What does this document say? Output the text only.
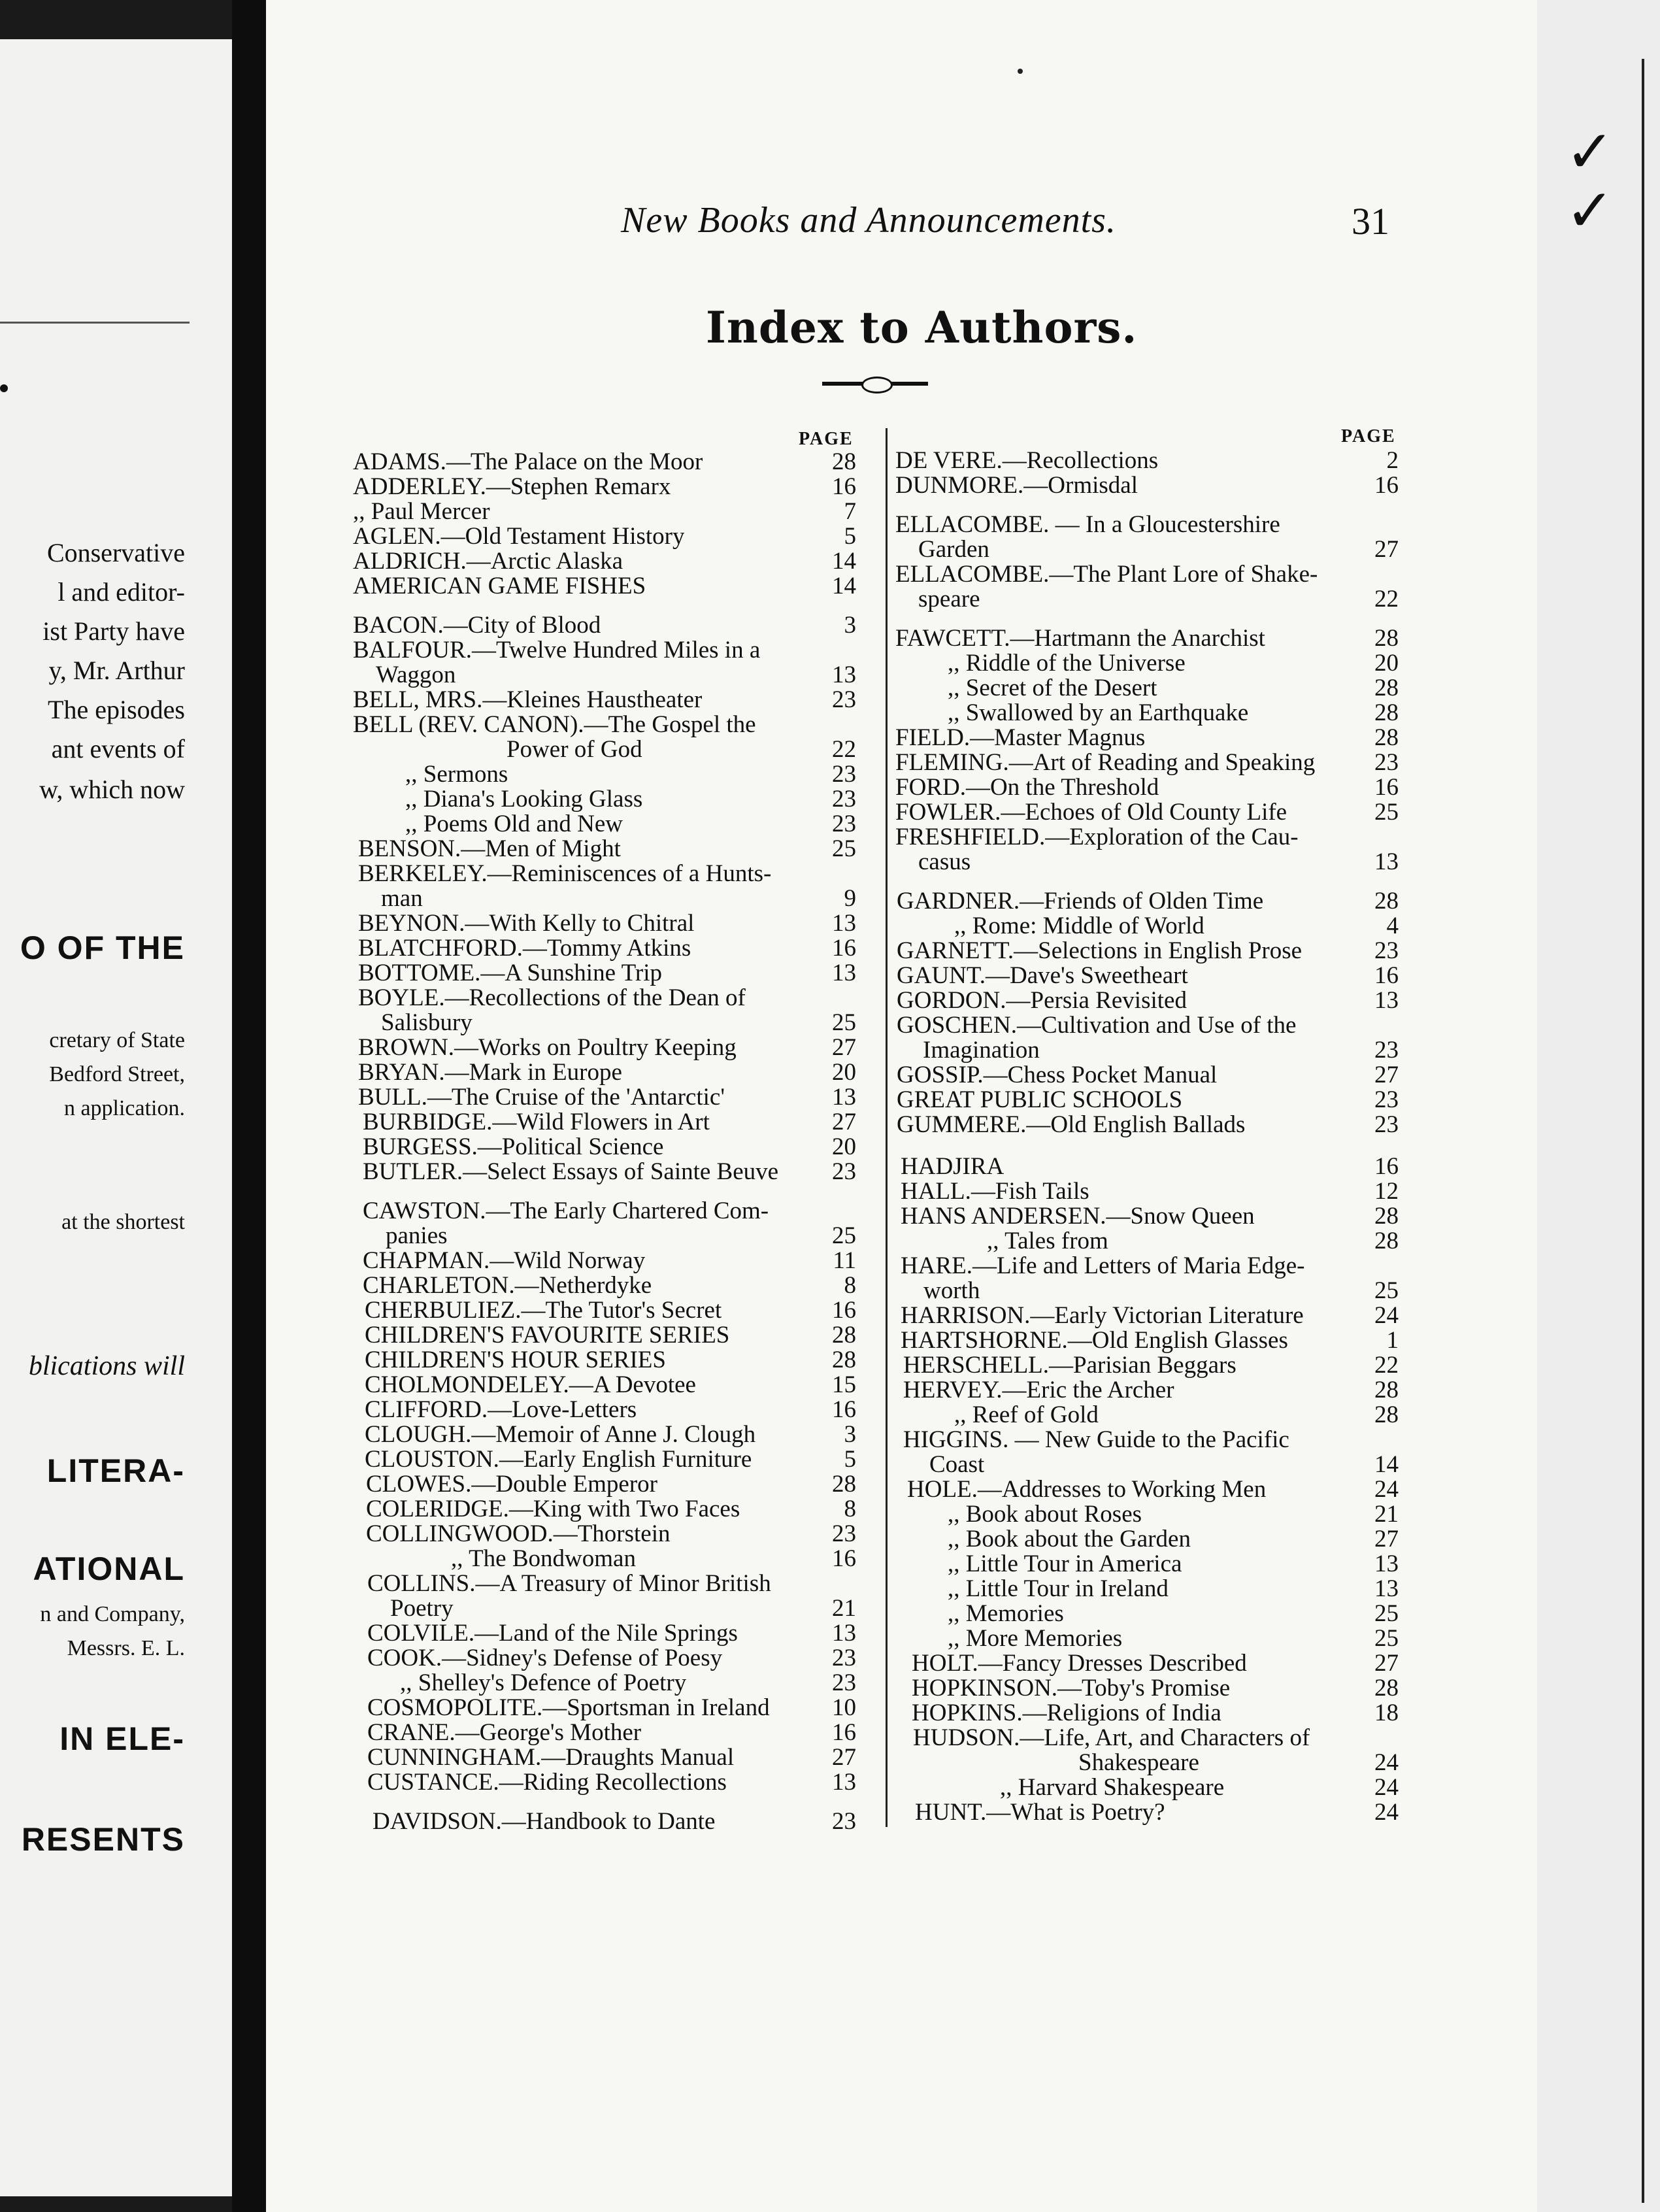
Conservative
l and editor-
ist Party have
y, Mr. Arthur
The episodes
ant events of
w, which now
O OF THE
cretary of State
Bedford Street,
n application.
at the shortest
blications will
LITERA-
ATIONAL
n and Company,
Messrs. E. L.
IN ELE-
RESENTS
✓
✓
New Books and Announcements.	31
Index to Authors.
PAGE	PAGE
ADAMS.—The Palace on the Moor	28
ADDERLEY.—Stephen Remarx	16
,, Paul Mercer	7
AGLEN.—Old Testament History	5
ALDRICH.—Arctic Alaska	14
AMERICAN GAME FISHES	14
BACON.—City of Blood	3
BALFOUR.—Twelve Hundred Miles in a
Waggon	13
BELL, MRS.—Kleines Haustheater	23
BELL (REV. CANON).—The Gospel the
Power of God	22
,, Sermons	23
,, Diana's Looking Glass	23
,, Poems Old and New	23
BENSON.—Men of Might	25
BERKELEY.—Reminiscences of a Hunts-
man	9
BEYNON.—With Kelly to Chitral	13
BLATCHFORD.—Tommy Atkins	16
BOTTOME.—A Sunshine Trip	13
BOYLE.—Recollections of the Dean of
Salisbury	25
BROWN.—Works on Poultry Keeping	27
BRYAN.—Mark in Europe	20
BULL.—The Cruise of the 'Antarctic'	13
BURBIDGE.—Wild Flowers in Art	27
BURGESS.—Political Science	20
BUTLER.—Select Essays of Sainte Beuve 23
CAWSTON.—The Early Chartered Com-
panies	25
CHAPMAN.—Wild Norway	11
CHARLETON.—Netherdyke	8
CHERBULIEZ.—The Tutor's Secret	16
CHILDREN'S FAVOURITE SERIES	28
CHILDREN'S HOUR SERIES	28
CHOLMONDELEY.—A Devotee	15
CLIFFORD.—Love-Letters	16
CLOUGH.—Memoir of Anne J. Clough	3
CLOUSTON.—Early English Furniture	5
CLOWES.—Double Emperor	28
COLERIDGE.—King with Two Faces	8
COLLINGWOOD.—Thorstein	23
,, The Bondwoman	16
COLLINS.—A Treasury of Minor British
Poetry	21
COLVILE.—Land of the Nile Springs	13
COOK.—Sidney's Defense of Poesy	23
,, Shelley's Defence of Poetry	23
COSMOPOLITE.—Sportsman in Ireland	10
CRANE.—George's Mother	16
CUNNINGHAM.—Draughts Manual	27
CUSTANCE.—Riding Recollections	13
DAVIDSON.—Handbook to Dante	23
DE VERE.—Recollections	2
DUNMORE.—Ormisdal	16
ELLACOMBE. — In a Gloucestershire
Garden	27
ELLACOMBE.—The Plant Lore of Shake-
speare	22
FAWCETT.—Hartmann the Anarchist	28
,, Riddle of the Universe	20
,, Secret of the Desert	28
,, Swallowed by an Earthquake	28
FIELD.—Master Magnus	28
FLEMING.—Art of Reading and Speaking 23
FORD.—On the Threshold	16
FOWLER.—Echoes of Old County Life	25
FRESHFIELD.—Exploration of the Cau-
casus	13
GARDNER.—Friends of Olden Time	28
,, Rome: Middle of World	4
GARNETT.—Selections in English Prose	23
GAUNT.—Dave's Sweetheart	16
GORDON.—Persia Revisited	13
GOSCHEN.—Cultivation and Use of the
Imagination	23
GOSSIP.—Chess Pocket Manual	27
GREAT PUBLIC SCHOOLS	23
GUMMERE.—Old English Ballads	23
HADJIRA	16
HALL.—Fish Tails	12
HANS ANDERSEN.—Snow Queen	28
,, Tales from	28
HARE.—Life and Letters of Maria Edge-
worth	25
HARRISON.—Early Victorian Literature	24
HARTSHORNE.—Old English Glasses	1
HERSCHELL.—Parisian Beggars	22
HERVEY.—Eric the Archer	28
,, Reef of Gold	28
HIGGINS. — New Guide to the Pacific
Coast	14
HOLE.—Addresses to Working Men	24
,, Book about Roses	21
,, Book about the Garden	27
,, Little Tour in America	13
,, Little Tour in Ireland	13
,, Memories	25
,, More Memories	25
HOLT.—Fancy Dresses Described	27
HOPKINSON.—Toby's Promise	28
HOPKINS.—Religions of India	18
HUDSON.—Life, Art, and Characters of
Shakespeare	24
,, Harvard Shakespeare	24
HUNT.—What is Poetry?	24
